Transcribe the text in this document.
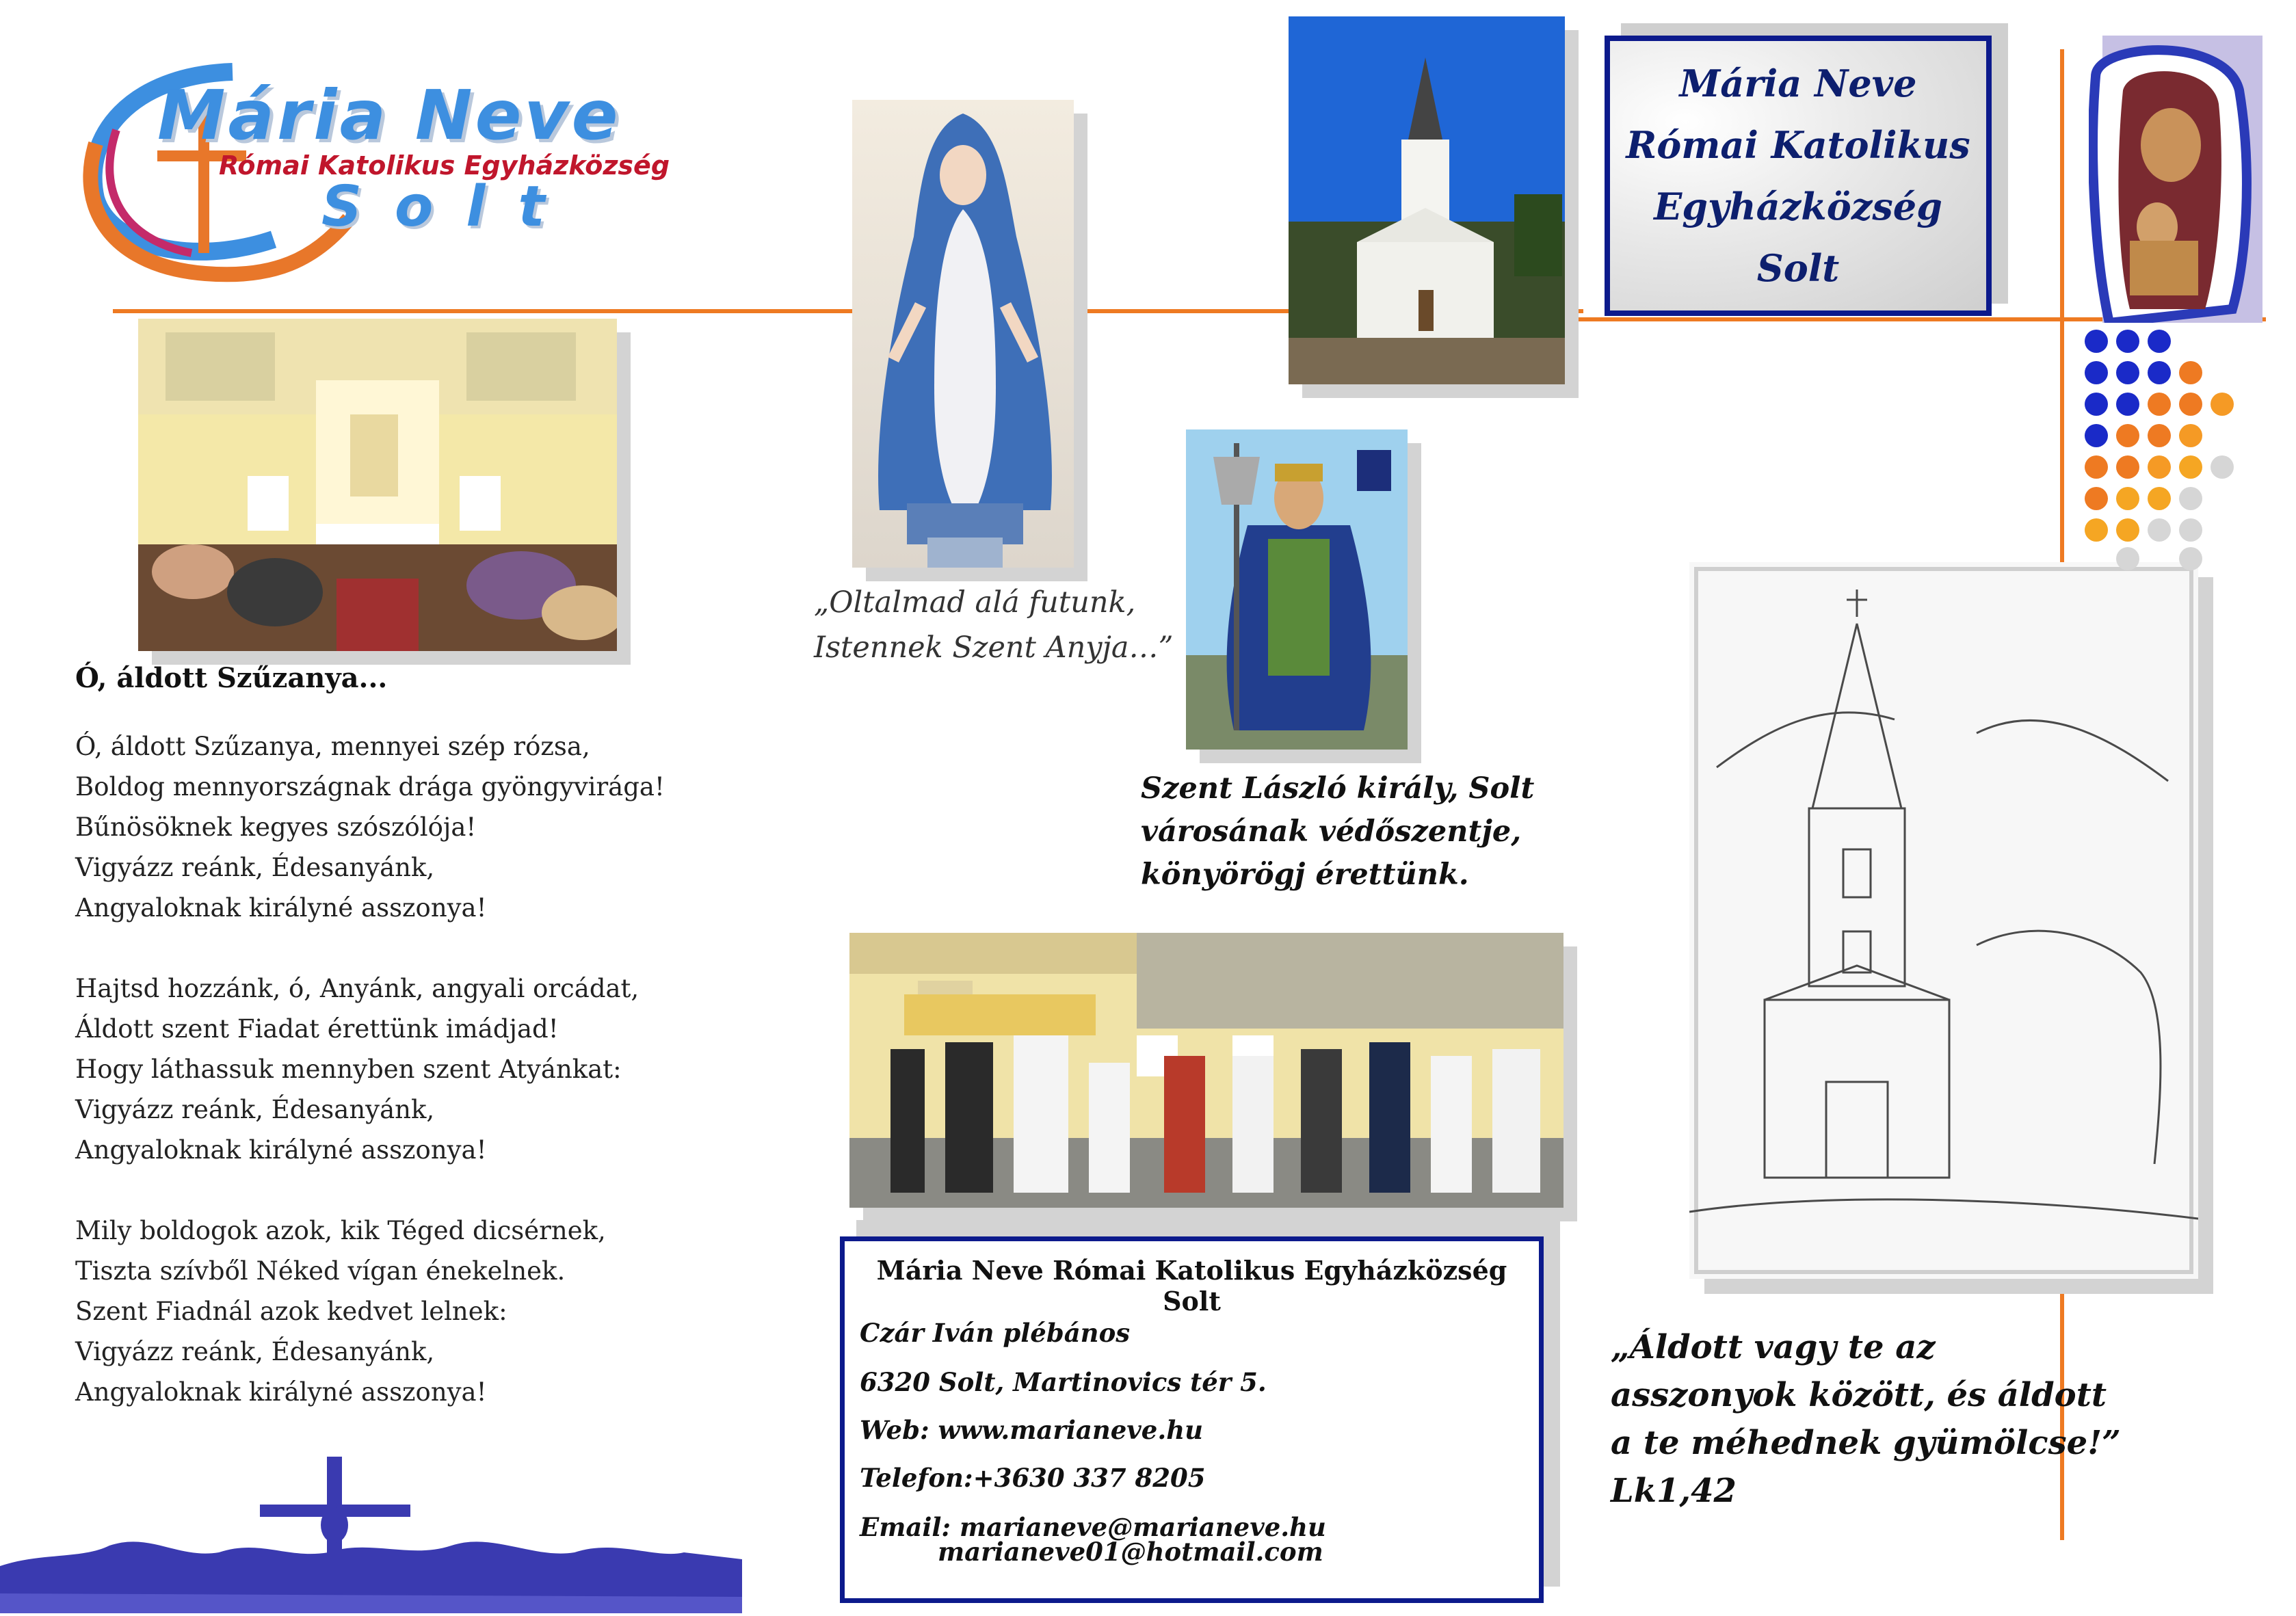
Mária Neve
Római Katolikus Egyházközség
Solt
Mária Neve
Római Katolikus
Egyházközség
Solt
Ó, áldott Szűzanya...
Ó, áldott Szűzanya, mennyei szép rózsa,
Boldog mennyországnak drága gyöngyvirága!
Bűnösöknek kegyes szószólója!
Vigyázz reánk, Édesanyánk,
Angyaloknak királyné asszonya!
Hajtsd hozzánk, ó, Anyánk, angyali orcádat,
Áldott szent Fiadat érettünk imádjad!
Hogy láthassuk mennyben szent Atyánkat:
Vigyázz reánk, Édesanyánk,
Angyaloknak királyné asszonya!
Mily boldogok azok, kik Téged dicsérnek,
Tiszta szívből Néked vígan énekelnek.
Szent Fiadnál azok kedvet lelnek:
Vigyázz reánk, Édesanyánk,
Angyaloknak királyné asszonya!
„Oltalmad alá futunk,
Istennek Szent Anyja…”
Szent László király, Solt
városának védőszentje,
könyörögj érettünk.
„Áldott vagy te az
asszonyok között, és áldott
a te méhednek gyümölcse!”
Lk1,42
Mária Neve Római Katolikus Egyházközség Solt
Czár Iván plébános
6320 Solt, Martinovics tér 5.
Web: www.marianeve.hu
Telefon:+3630 337 8205
Email: marianeve@marianeve.hu
marianeve01@hotmail.com
